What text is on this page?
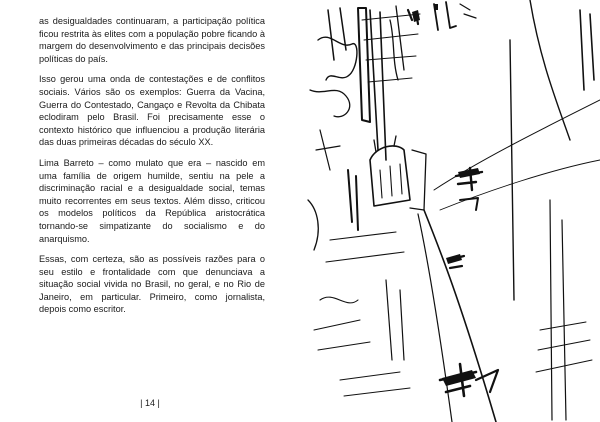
as desigualdades continuaram, a participação política ficou restrita às elites com a população pobre ficando à margem do desenvolvimento e das principais decisões políticas do país.

Isso gerou uma onda de contestações e de conflitos sociais. Vários são os exemplos: Guerra da Vacina, Guerra do Contestado, Cangaço e Revolta da Chibata eclodiram pelo Brasil. Foi precisamente esse o contexto histórico que influenciou a produção literária das duas primeiras décadas do século XX.

Lima Barreto – como mulato que era – nascido em uma família de origem humilde, sentiu na pele a discriminação racial e a desigualdade social, temas muito recorrentes em seus textos. Além disso, criticou os modelos políticos da República aristocrática tornando-se simpatizante do socialismo e do anarquismo.

Essas, com certeza, são as possíveis razões para o seu estilo e frontalidade com que denunciava a situação social vivida no Brasil, no geral, e no Rio de Janeiro, em particular. Primeiro, como jornalista, depois como escritor.

| 14 |
